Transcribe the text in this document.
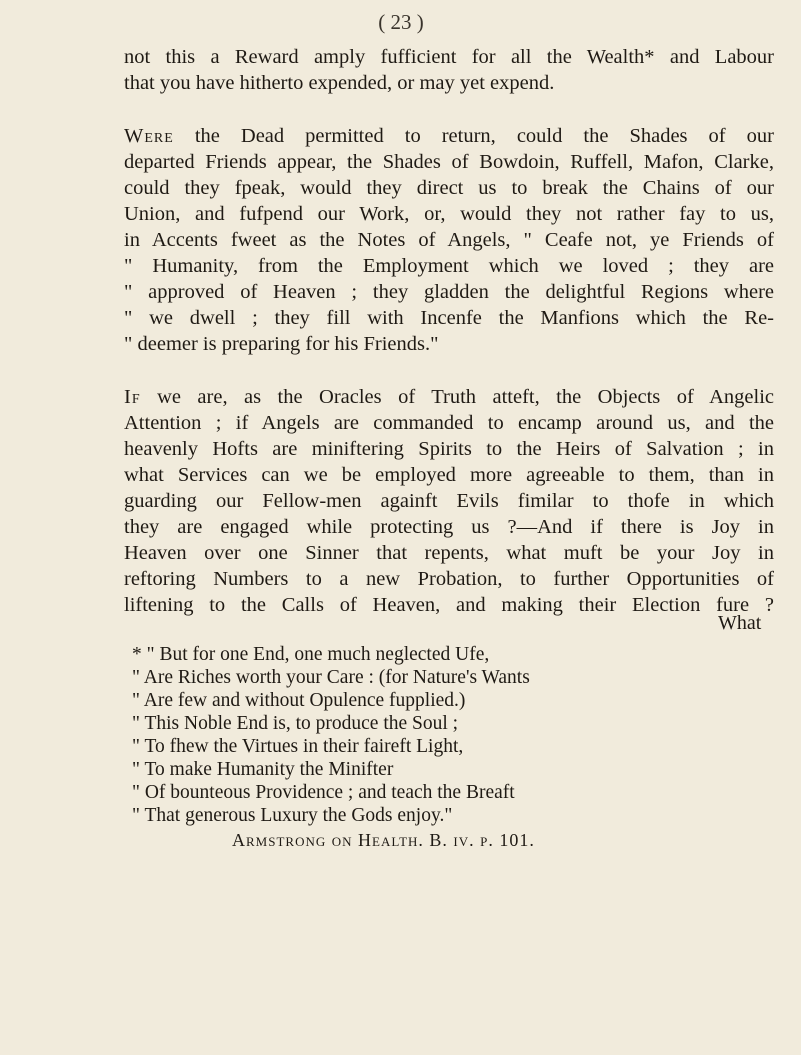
( 23 )
not this a Reward amply fufficient for all the Wealth* and Labour
that you have hitherto expended, or may yet expend.
Were the Dead permitted to return, could the Shades of our
departed Friends appear, the Shades of Bowdoin, Ruffell, Mafon, Clarke,
could they fpeak, would they direct us to break the Chains of our
Union, and fufpend our Work, or, would they not rather fay to us,
in Accents fweet as the Notes of Angels, " Ceafe not, ye Friends of
" Humanity, from the Employment which we loved ; they are
" approved of Heaven ; they gladden the delightful Regions where
" we dwell ; they fill with Incenfe the Manfions which the Re-
" deemer is preparing for his Friends."
If we are, as the Oracles of Truth atteft, the Objects of Angelic
Attention ; if Angels are commanded to encamp around us, and the
heavenly Hofts are miniftering Spirits to the Heirs of Salvation ; in
what Services can we be employed more agreeable to them, than in
guarding our Fellow-men againft Evils fimilar to thofe in which
they are engaged while protecting us ?—And if there is Joy in
Heaven over one Sinner that repents, what muft be your Joy in
reftoring Numbers to a new Probation, to further Opportunities of
liftening to the Calls of Heaven, and making their Election fure ?
What
* " But for one End, one much neglected Ufe,
" Are Riches worth your Care : (for Nature's Wants
" Are few and without Opulence fupplied.)
" This Noble End is, to produce the Soul ;
" To fhew the Virtues in their faireft Light,
" To make Humanity the Minifter
" Of bounteous Providence ; and teach the Breaft
" That generous Luxury the Gods enjoy."
Armstrong on Health. B. iv. p. 101.
